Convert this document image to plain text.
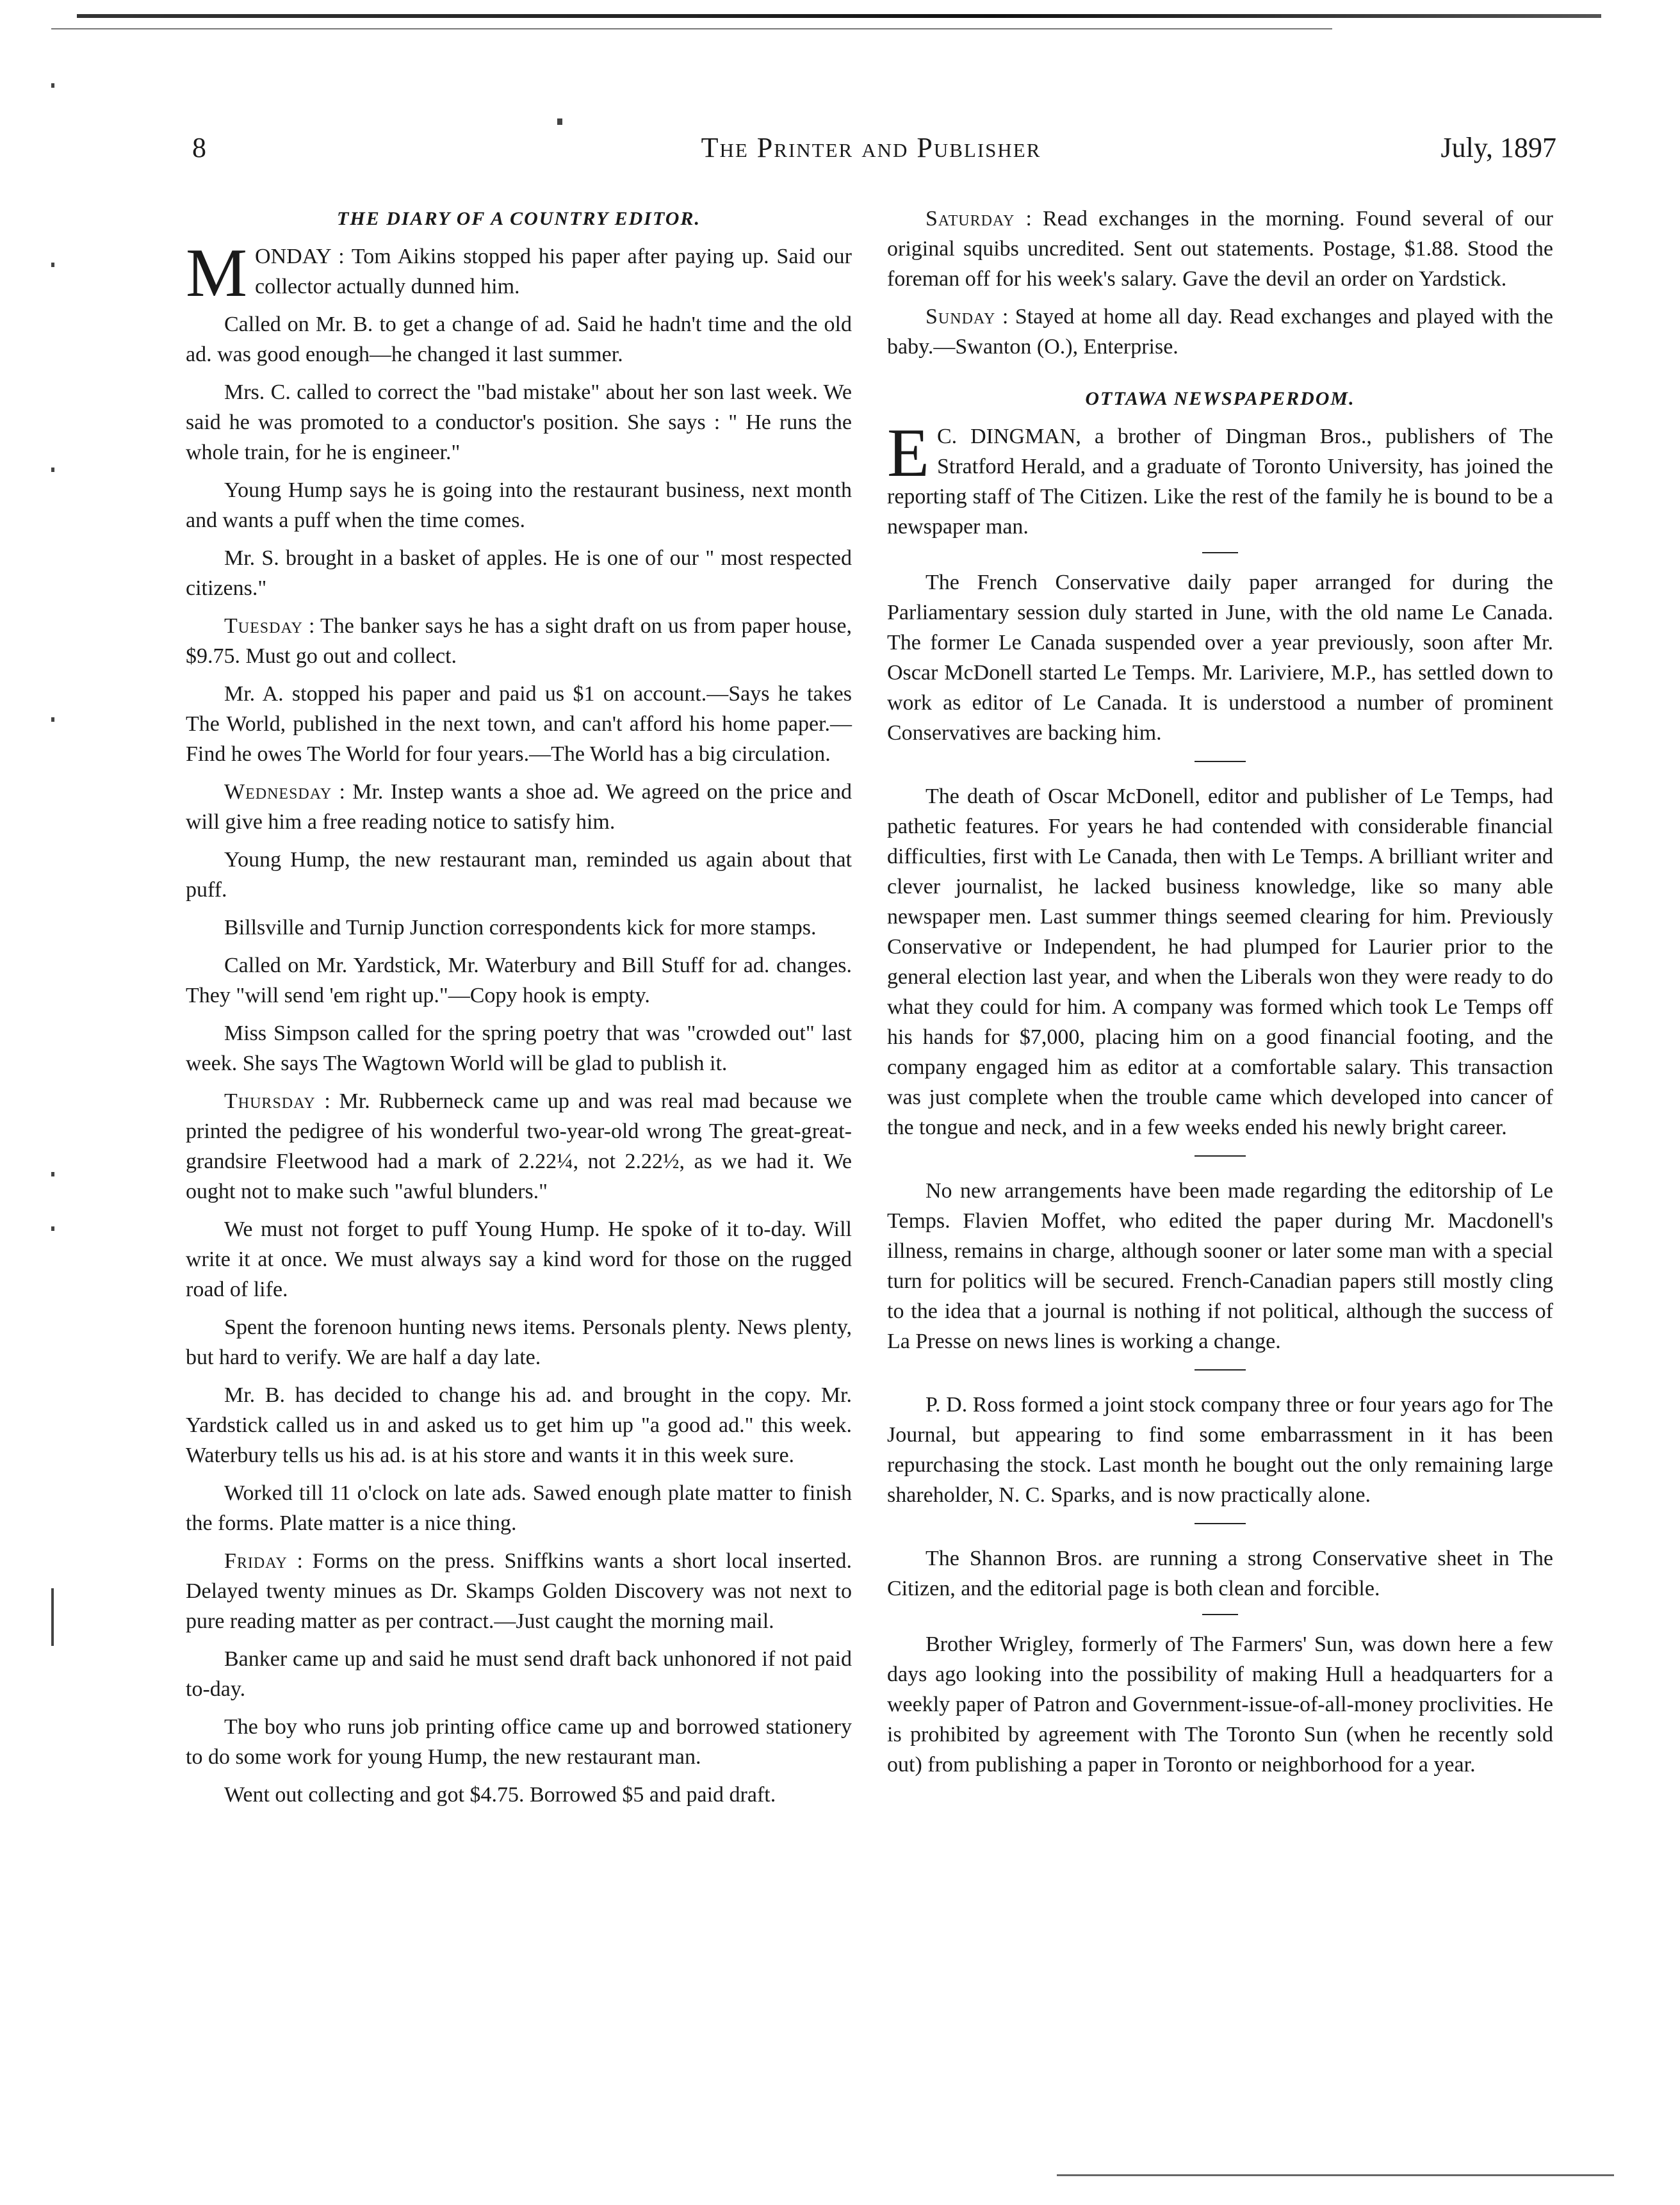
8	The Printer and Publisher	July, 1897
THE DIARY OF A COUNTRY EDITOR.

MONDAY : Tom Aikins stopped his paper after paying up. Said our collector actually dunned him.

Called on Mr. B. to get a change of ad. Said he hadn't time and the old ad. was good enough—he changed it last summer.

Mrs. C. called to correct the "bad mistake" about her son last week. We said he was promoted to a conductor's position. She says : " He runs the whole train, for he is engineer."

Young Hump says he is going into the restaurant business, next month and wants a puff when the time comes.

Mr. S. brought in a basket of apples. He is one of our " most respected citizens."

Tuesday : The banker says he has a sight draft on us from paper house, $9.75. Must go out and collect.

Mr. A. stopped his paper and paid us $1 on account.—Says he takes The World, published in the next town, and can't afford his home paper.—Find he owes The World for four years.—The World has a big circulation.

Wednesday : Mr. Instep wants a shoe ad. We agreed on the price and will give him a free reading notice to satisfy him.

Young Hump, the new restaurant man, reminded us again about that puff.

Billsville and Turnip Junction correspondents kick for more stamps.

Called on Mr. Yardstick, Mr. Waterbury and Bill Stuff for ad. changes. They "will send 'em right up."—Copy hook is empty.

Miss Simpson called for the spring poetry that was "crowded out" last week. She says The Wagtown World will be glad to publish it.

Thursday : Mr. Rubberneck came up and was real mad because we printed the pedigree of his wonderful two-year-old wrong The great-great-grandsire Fleetwood had a mark of 2.22¼, not 2.22½, as we had it. We ought not to make such "awful blunders."

We must not forget to puff Young Hump. He spoke of it to-day. Will write it at once. We must always say a kind word for those on the rugged road of life.

Spent the forenoon hunting news items. Personals plenty. News plenty, but hard to verify. We are half a day late.

Mr. B. has decided to change his ad. and brought in the copy. Mr. Yardstick called us in and asked us to get him up "a good ad." this week. Waterbury tells us his ad. is at his store and wants it in this week sure.

Worked till 11 o'clock on late ads. Sawed enough plate matter to finish the forms. Plate matter is a nice thing.

Friday : Forms on the press. Sniffkins wants a short local inserted. Delayed twenty minues as Dr. Skamps Golden Discovery was not next to pure reading matter as per contract.—Just caught the morning mail.

Banker came up and said he must send draft back unhonored if not paid to-day.

The boy who runs job printing office came up and borrowed stationery to do some work for young Hump, the new restaurant man.

Went out collecting and got $4.75. Borrowed $5 and paid draft.

Saturday : Read exchanges in the morning. Found several of our original squibs uncredited. Sent out statements. Postage, $1.88. Stood the foreman off for his week's salary. Gave the devil an order on Yardstick.

Sunday : Stayed at home all day. Read exchanges and played with the baby.—Swanton (O.), Enterprise.

OTTAWA NEWSPAPERDOM.

E C. DINGMAN, a brother of Dingman Bros., publishers of The Stratford Herald, and a graduate of Toronto University, has joined the reporting staff of The Citizen. Like the rest of the family he is bound to be a newspaper man.

The French Conservative daily paper arranged for during the Parliamentary session duly started in June, with the old name Le Canada. The former Le Canada suspended over a year previously, soon after Mr. Oscar McDonell started Le Temps. Mr. Lariviere, M.P., has settled down to work as editor of Le Canada. It is understood a number of prominent Conservatives are backing him.

The death of Oscar McDonell, editor and publisher of Le Temps, had pathetic features. For years he had contended with considerable financial difficulties, first with Le Canada, then with Le Temps. A brilliant writer and clever journalist, he lacked business knowledge, like so many able newspaper men. Last summer things seemed clearing for him. Previously Conservative or Independent, he had plumped for Laurier prior to the general election last year, and when the Liberals won they were ready to do what they could for him. A company was formed which took Le Temps off his hands for $7,000, placing him on a good financial footing, and the company engaged him as editor at a comfortable salary. This transaction was just complete when the trouble came which developed into cancer of the tongue and neck, and in a few weeks ended his newly bright career.

No new arrangements have been made regarding the editorship of Le Temps. Flavien Moffet, who edited the paper during Mr. Macdonell's illness, remains in charge, although sooner or later some man with a special turn for politics will be secured. French-Canadian papers still mostly cling to the idea that a journal is nothing if not political, although the success of La Presse on news lines is working a change.

P. D. Ross formed a joint stock company three or four years ago for The Journal, but appearing to find some embarrassment in it has been repurchasing the stock. Last month he bought out the only remaining large shareholder, N. C. Sparks, and is now practically alone.

The Shannon Bros. are running a strong Conservative sheet in The Citizen, and the editorial page is both clean and forcible.

Brother Wrigley, formerly of The Farmers' Sun, was down here a few days ago looking into the possibility of making Hull a headquarters for a weekly paper of Patron and Government-issue-of-all-money proclivities. He is prohibited by agreement with The Toronto Sun (when he recently sold out) from publishing a paper in Toronto or neighborhood for a year.
